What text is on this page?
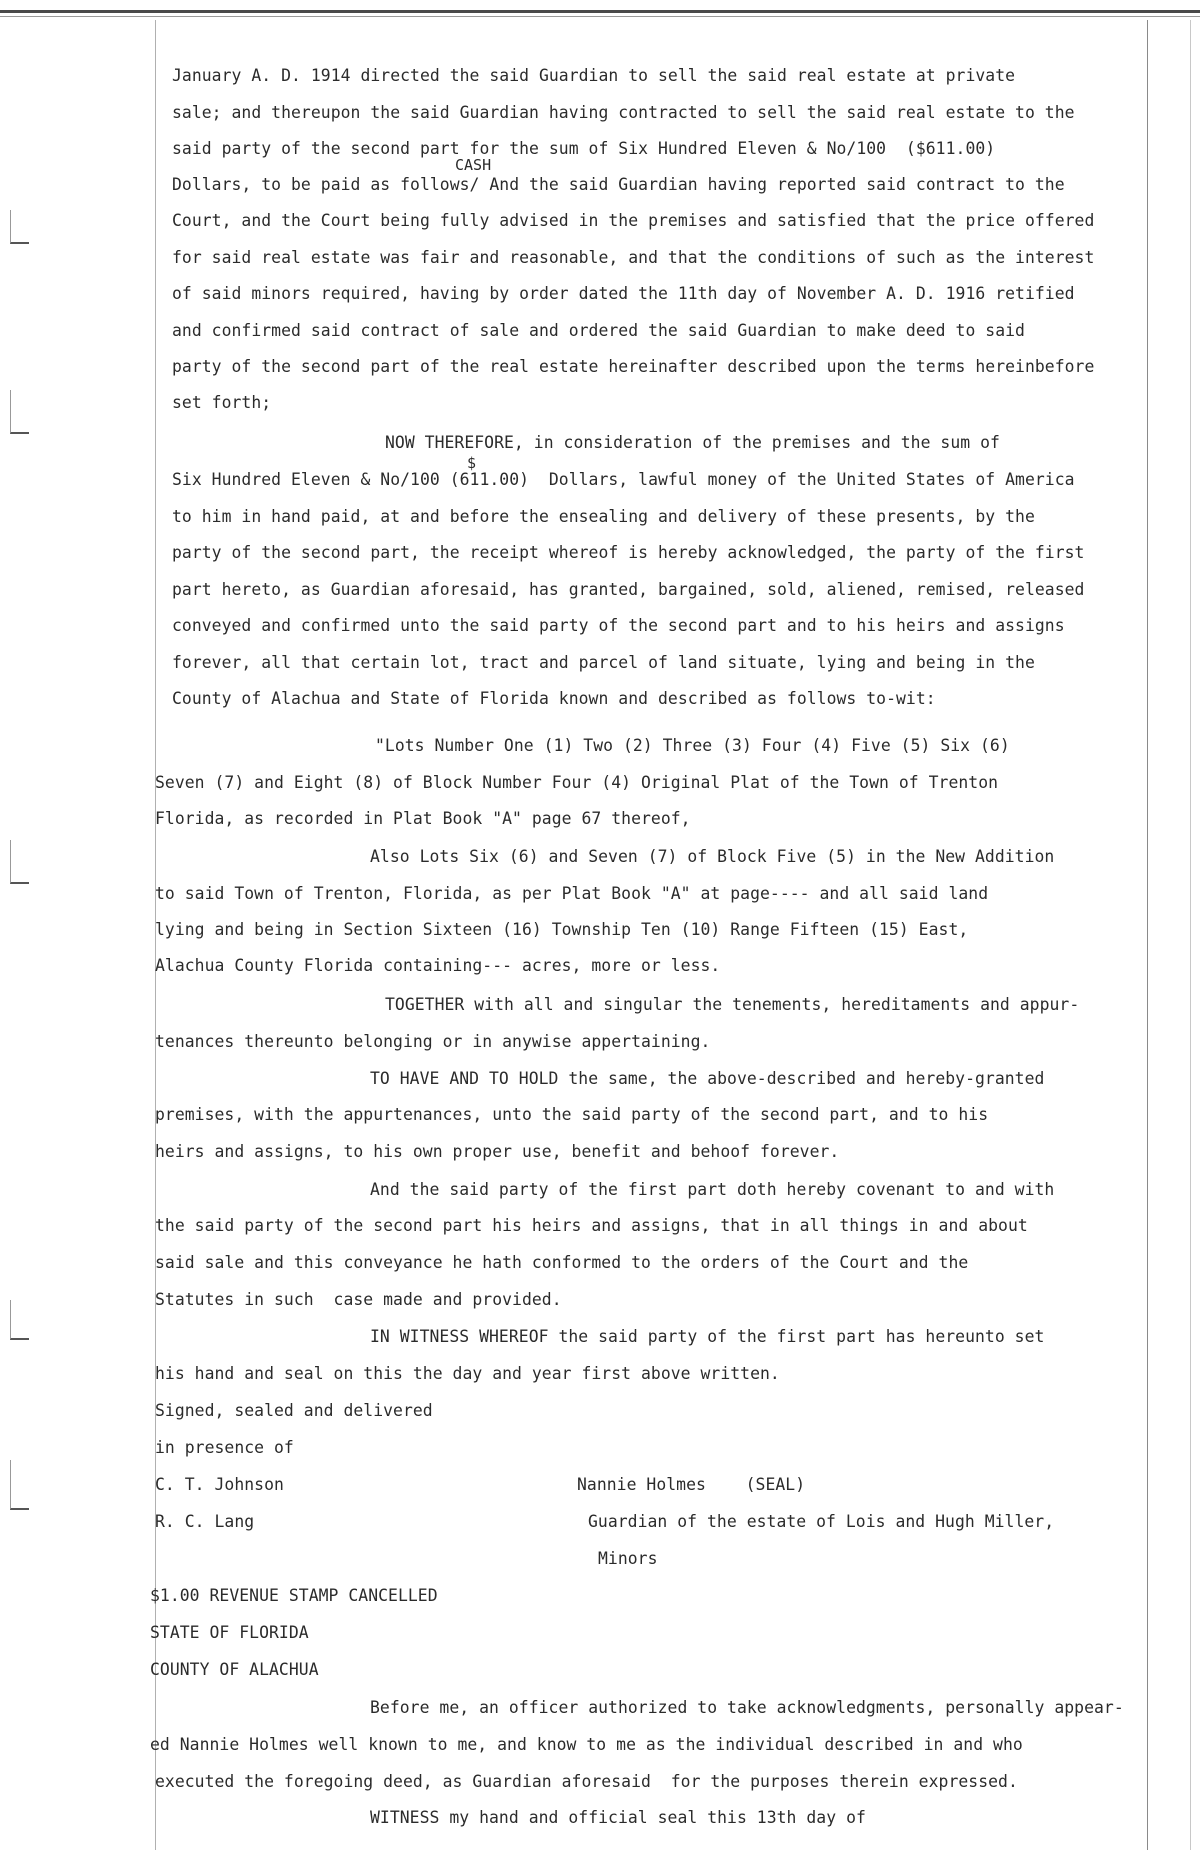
CASH
$
January A. D. 1914 directed the said Guardian to sell the said real estate at private
sale; and thereupon the said Guardian having contracted to sell the said real estate to the
said party of the second part for the sum of Six Hundred Eleven & No/100  ($611.00)
Dollars, to be paid as follows/ And the said Guardian having reported said contract to the
Court, and the Court being fully advised in the premises and satisfied that the price offered
for said real estate was fair and reasonable, and that the conditions of such as the interest
of said minors required, having by order dated the 11th day of November A. D. 1916 retified
and confirmed said contract of sale and ordered the said Guardian to make deed to said
party of the second part of the real estate hereinafter described upon the terms hereinbefore
set forth;
NOW THEREFORE, in consideration of the premises and the sum of
Six Hundred Eleven & No/100 (611.00)  Dollars, lawful money of the United States of America
to him in hand paid, at and before the ensealing and delivery of these presents, by the
party of the second part, the receipt whereof is hereby acknowledged, the party of the first
part hereto, as Guardian aforesaid, has granted, bargained, sold, aliened, remised, released
conveyed and confirmed unto the said party of the second part and to his heirs and assigns
forever, all that certain lot, tract and parcel of land situate, lying and being in the
County of Alachua and State of Florida known and described as follows to-wit:
"Lots Number One (1) Two (2) Three (3) Four (4) Five (5) Six (6)
Seven (7) and Eight (8) of Block Number Four (4) Original Plat of the Town of Trenton
Florida, as recorded in Plat Book "A" page 67 thereof,
Also Lots Six (6) and Seven (7) of Block Five (5) in the New Addition
to said Town of Trenton, Florida, as per Plat Book "A" at page---- and all said land
lying and being in Section Sixteen (16) Township Ten (10) Range Fifteen (15) East,
Alachua County Florida containing--- acres, more or less.
TOGETHER with all and singular the tenements, hereditaments and appur-
tenances thereunto belonging or in anywise appertaining.
TO HAVE AND TO HOLD the same, the above-described and hereby-granted
premises, with the appurtenances, unto the said party of the second part, and to his
heirs and assigns, to his own proper use, benefit and behoof forever.
And the said party of the first part doth hereby covenant to and with
the said party of the second part his heirs and assigns, that in all things in and about
said sale and this conveyance he hath conformed to the orders of the Court and the
Statutes in such  case made and provided.
IN WITNESS WHEREOF the said party of the first part has hereunto set
his hand and seal on this the day and year first above written.
Signed, sealed and delivered
in presence of
C. T. Johnson
R. C. Lang
Nannie Holmes    (SEAL)
Guardian of the estate of Lois and Hugh Miller,
Minors
$1.00 REVENUE STAMP CANCELLED
STATE OF FLORIDA
COUNTY OF ALACHUA
Before me, an officer authorized to take acknowledgments, personally appear-
ed Nannie Holmes well known to me, and know to me as the individual described in and who
executed the foregoing deed, as Guardian aforesaid  for the purposes therein expressed.
WITNESS my hand and official seal this 13th day of
